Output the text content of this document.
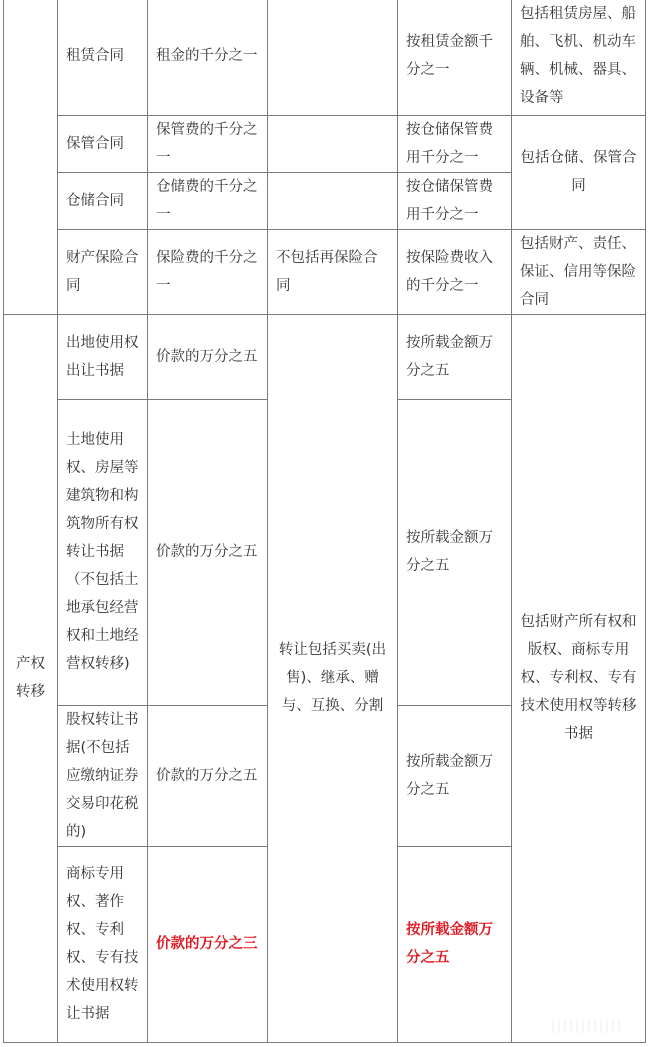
	租赁合同	租金的千分之一		按租赁金额千分之一	包括租赁房屋、船舶、飞机、机动车辆、机械、器具、设备等
	保管合同	保管费的千分之一		按仓储保管费用千分之一	包括仓储、保管合同
	仓储合同	仓储费的千分之一		按仓储保管费用千分之一	
	财产保险合同	保险费的千分之一	不包括再保险合同	按保险费收入的千分之一	包括财产、责任、保证、信用等保险合同
产权转移	出地使用权出让书据	价款的万分之五	转让包括买卖(出售)、继承、赠与、互换、分割	按所载金额万分之五	包括财产所有权和版权、商标专用权、专利权、专有技术使用权等转移书据
	土地使用权、房屋等建筑物和构筑物所有权转让书据（不包括土地承包经营权和土地经营权转移)	价款的万分之五		按所载金额万分之五	
	股权转让书据(不包括应缴纳证券交易印花税的)	价款的万分之五		按所载金额万分之五	
	商标专用权、著作权、专利权、专有技术使用权转让书据	价款的万分之三		按所载金额万分之五	
